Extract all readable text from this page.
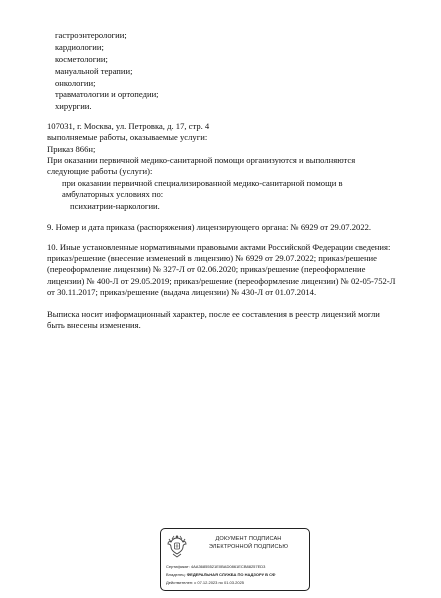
гастроэнтерологии;
кардиологии;
косметологии;
мануальной терапии;
онкологии;
травматологии и ортопедии;
хирургии.
107031, г. Москва, ул. Петровка, д. 17, стр. 4
выполняемые работы, оказываемые услуги:
Приказ 866н;
При оказании первичной медико-санитарной помощи организуются и выполняются следующие работы (услуги):
при оказании первичной специализированной медико-санитарной помощи в амбулаторных условиях по:
психиатрии-наркологии.
9. Номер и дата приказа (распоряжения) лицензирующего органа: № 6929 от 29.07.2022.
10. Иные установленные нормативными правовыми актами Российской Федерации сведения: приказ/решение (внесение изменений в лицензию) № 6929 от 29.07.2022; приказ/решение (переоформление лицензии) № 327-Л от 02.06.2020; приказ/решение (переоформление лицензии) № 400-Л от 29.05.2019; приказ/решение (переоформление лицензии) № 02-05-752-Л от 30.11.2017; приказ/решение (выдача лицензии) № 430-Л от 01.07.2014.
Выписка носит информационный характер, после ее составления в реестр лицензий могли быть внесены изменения.
ДОКУМЕНТ ПОДПИСАН
ЭЛЕКТРОННОЙ ПОДПИСЬЮ
Сертификат: 4AA36855521E0BAD0861ECB88257ED3
Владелец: ФЕДЕРАЛЬНАЯ СЛУЖБА ПО НАДЗОРУ В СФ
Действителен: с 07.12.2023 по 01.03.2025
